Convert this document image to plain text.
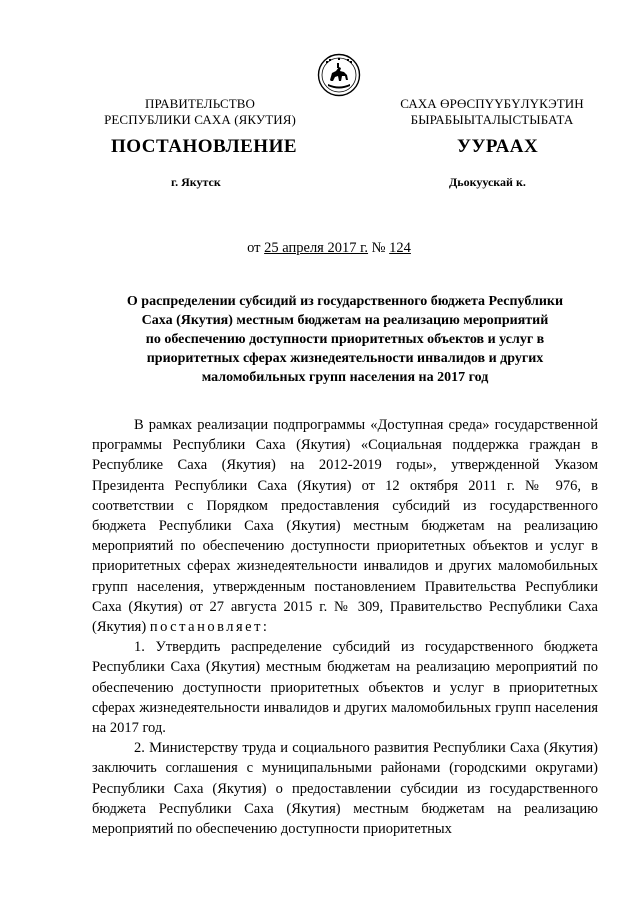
ПРАВИТЕЛЬСТВО
РЕСПУБЛИКИ САХА (ЯКУТИЯ)
САХА ӨРӨСПҮҮБҮЛҮКЭТИН
БЫРАБЫЫТАЛЫСТЫБАТА
ПОСТАНОВЛЕНИЕ	УУРААХ
г. Якутск	Дьокуускай к.
от 25 апреля 2017 г. № 124
О распределении субсидий из государственного бюджета Республики
Саха (Якутия) местным бюджетам на реализацию мероприятий
по обеспечению доступности приоритетных объектов и услуг в
приоритетных сферах жизнедеятельности инвалидов и других
маломобильных групп населения на 2017 год

В рамках реализации подпрограммы «Доступная среда» государственной программы Республики Саха (Якутия) «Социальная поддержка граждан в Республике Саха (Якутия) на 2012-2019 годы», утвержденной Указом Президента Республики Саха (Якутия) от 12 октября 2011 г. № 976, в соответствии с Порядком предоставления субсидий из государственного бюджета Республики Саха (Якутия) местным бюджетам на реализацию мероприятий по обеспечению доступности приоритетных объектов и услуг в приоритетных сферах жизнедеятельности инвалидов и других маломобильных групп населения, утвержденным постановлением Правительства Республики Саха (Якутия) от 27 августа 2015 г. № 309, Правительство Республики Саха (Якутия) постановляет:

1. Утвердить распределение субсидий из государственного бюджета Республики Саха (Якутия) местным бюджетам на реализацию мероприятий по обеспечению доступности приоритетных объектов и услуг в приоритетных сферах жизнедеятельности инвалидов и других маломобильных групп населения на 2017 год.

2. Министерству труда и социального развития Республики Саха (Якутия) заключить соглашения с муниципальными районами (городскими округами) Республики Саха (Якутия) о предоставлении субсидии из государственного бюджета Республики Саха (Якутия) местным бюджетам на реализацию мероприятий по обеспечению доступности приоритетных
